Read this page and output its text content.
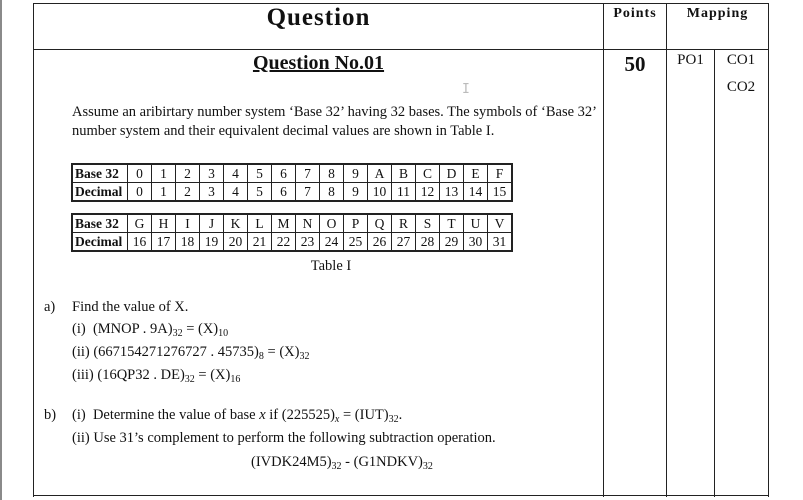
Question	Points	Mapping
Question No.01	50	PO1	CO1
CO2
I
Assume an aribirtary number system ‘Base 32’ having 32 bases. The symbols of ‘Base 32’ number system and their equivalent decimal values are shown in Table I.
Base 32	0	1	2	3	4	5	6	7	8	9	A	B	C	D	E	F
Decimal	0	1	2	3	4	5	6	7	8	9	10	11	12	13	14	15
Base 32	G	H	I	J	K	L	M	N	O	P	Q	R	S	T	U	V
Decimal	16	17	18	19	20	21	22	23	24	25	26	27	28	29	30	31
Table I
a) Find the value of X.
(i) (MNOP . $9A)_{32} = (X)_{10}$
(ii) (667154271276727 . $45735)_8 = (X)_{32}$
(iii) (16QP32 . $DE)_{32} = (X)_{16}$
b) (i) Determine the value of base x if $(225525)_x = (IUT)_{32}$.
(ii) Use 31’s complement to perform the following subtraction operation.
$(IVDK24M5)_{32}$ - $(G1NDKV)_{32}$
